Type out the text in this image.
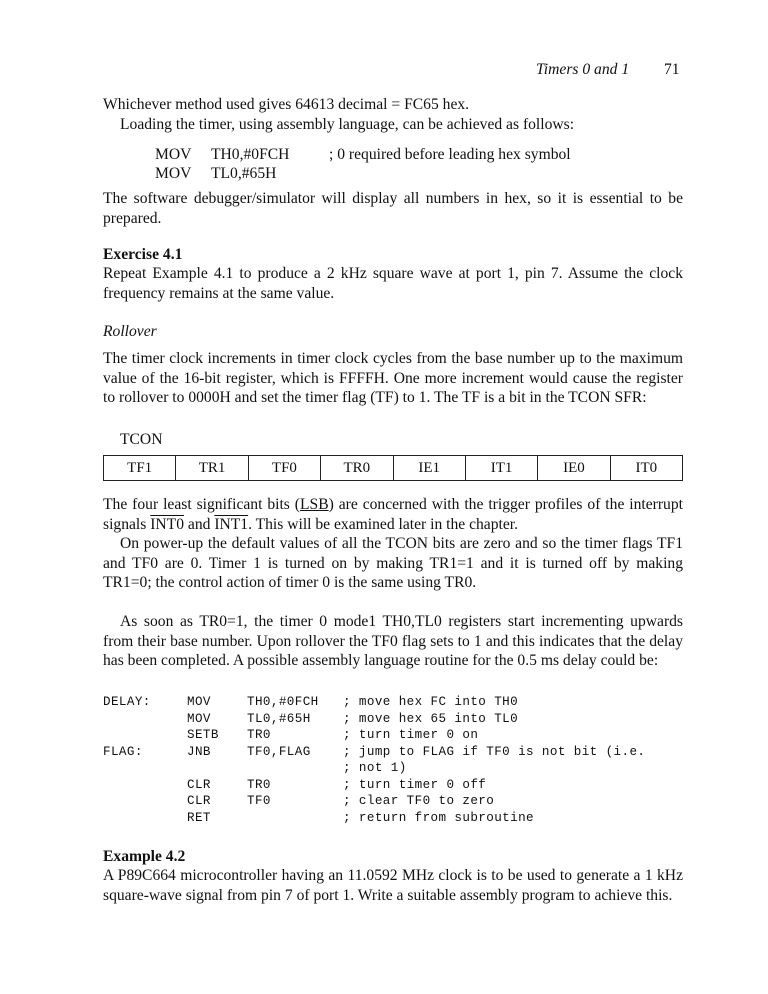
Timers 0 and 1 71
Whichever method used gives 64613 decimal = FC65 hex.
Loading the timer, using assembly language, can be achieved as follows:
MOV TH0,#0FCH	; 0 required before leading hex symbol
MOV TL0,#65H
The software debugger/simulator will display all numbers in hex, so it is essential to be prepared.
Exercise 4.1
Repeat Example 4.1 to produce a 2 kHz square wave at port 1, pin 7. Assume the clock frequency remains at the same value.
Rollover
The timer clock increments in timer clock cycles from the base number up to the maximum value of the 16-bit register, which is FFFFH. One more increment would cause the register to rollover to 0000H and set the timer flag (TF) to 1. The TF is a bit in the TCON SFR:
TCON
TF1	TR1	TF0	TR0	IE1	IT1	IE0	IT0
The four least significant bits (LSB) are concerned with the trigger profiles of the interrupt signals INT0 and INT1. This will be examined later in the chapter.
On power-up the default values of all the TCON bits are zero and so the timer flags TF1 and TF0 are 0. Timer 1 is turned on by making TR1=1 and it is turned off by making TR1=0; the control action of timer 0 is the same using TR0.
As soon as TR0=1, the timer 0 mode1 TH0,TL0 registers start incrementing upwards from their base number. Upon rollover the TF0 flag sets to 1 and this indicates that the delay has been completed. A possible assembly language routine for the 0.5 ms delay could be:
DELAY:	MOV	TH0,#0FCH ; move hex FC into TH0
MOV	TL0,#65H	; move hex 65 into TL0
SETB TR0	; turn timer 0 on
FLAG:	JNB	TF0,FLAG	; jump to FLAG if TF0 is not bit (i.e.
; not 1)
CLR	TR0	; turn timer 0 off
CLR	TF0	; clear TF0 to zero
RET	; return from subroutine
Example 4.2
A P89C664 microcontroller having an 11.0592 MHz clock is to be used to generate a 1 kHz square-wave signal from pin 7 of port 1. Write a suitable assembly program to achieve this.
